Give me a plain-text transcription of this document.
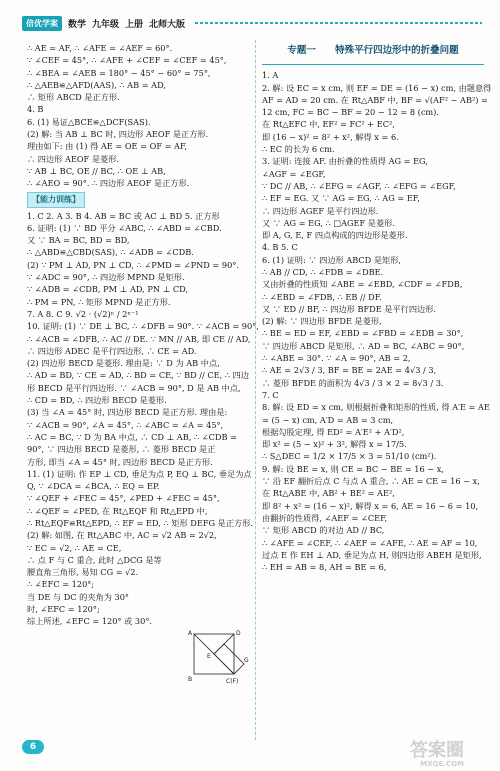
倍优学案	数学 九年级 上册 北师大版
∴ AE = AF, ∴ ∠AFE = ∠AEF = 60°.
∵ ∠CEF = 45°, ∴ ∠AFE + ∠CEF = ∠CEF = 45°,
∴ ∠BEA = ∠AEB = 180° − 45° − 60° = 75°,
∴ △AEB≌△AFD(AAS), ∴ AB = AD,
∴ 矩形 ABCD 是正方形.
4. B
6. (1) 易证△BCE≌△DCF(SAS).
(2) 解: 当 AB ⊥ BC 时, 四边形 AEOF 是正方形.
理由如下: 由 (1) 得 AE = OE = OF = AF,
∴ 四边形 AEOF 是菱形.
∵ AB ⊥ BC, OE // BC, ∴ OE ⊥ AB,
∴ ∠AEO = 90°. ∴ 四边形 AEOF 是正方形.
【能力训练】
1. C 2. A 3. B 4. AB = BC 或 AC ⊥ BD 5. 正方形
6. 证明: (1) ∵ BD 平分 ∠ABC, ∴ ∠ABD = ∠CBD.
又 ∵ BA = BC, BD = BD,
∴ △ABD≌△CBD(SAS), ∴ ∠ADB = ∠CDB.
(2) ∵ PM ⊥ AD, PN ⊥ CD, ∴ ∠PMD = ∠PND = 90°.
∵ ∠ADC = 90°, ∴ 四边形 MPND 是矩形.
∵ ∠ADB = ∠CDB, PM ⊥ AD, PN ⊥ CD,
∴ PM = PN, ∴ 矩形 MPND 是正方形.
7. A 8. C 9. √2 · (√2)ⁿ / 2ⁿ⁻¹
10. 证明: (1) ∵ DE ⊥ BC, ∴ ∠DFB = 90°. ∵ ∠ACB = 90°,
∴ ∠ACB = ∠DFB, ∴ AC // DE. ∵ MN // AB, 即 CE // AD,
∴ 四边形 ADEC 是平行四边形, ∴ CE = AD.
(2) 四边形 BECD 是菱形. 理由是: ∵ D 为 AB 中点,
∴ AD = BD, ∵ CE = AD, ∴ BD = CE, ∵ BD // CE, ∴ 四边
形 BECD 是平行四边形. ∵ ∠ACB = 90°, D 是 AB 中点,
∴ CD = BD, ∴ 四边形 BECD 是菱形.
(3) 当 ∠A = 45° 时, 四边形 BECD 是正方形. 理由是:
∵ ∠ACB = 90°, ∠A = 45°, ∴ ∠ABC = ∠A = 45°,
∴ AC = BC, ∵ D 为 BA 中点, ∴ CD ⊥ AB, ∴ ∠CDB =
90°, ∵ 四边形 BECD 是菱形, ∴ 菱形 BECD 是正
方形, 即当 ∠A = 45° 时, 四边形 BECD 是正方形.
11. (1) 证明: 作 EP ⊥ CD, 垂足为点 P, EQ ⊥ BC, 垂足为点
Q, ∵ ∠DCA = ∠BCA, ∴ EQ = EP.
∵ ∠QEF + ∠FEC = 45°, ∠PED + ∠FEC = 45°,
∴ ∠QEF = ∠PED, 在 Rt△EQF 和 Rt△EPD 中,
∴ Rt△EQF≌Rt△EPD, ∴ EF = ED, ∴ 矩形 DEFG 是正方形.
(2) 解: 如图, 在 Rt△ABC 中, AC = √2 AB = 2√2,
∵ EC = √2, ∴ AE = CE,
∴ 点 F 与 C 重合, 此时 △DCG 是等
腰直角三角形, 易知 CG = √2.
∴ ∠EFC = 120°;
当 DE 与 DC 的夹角为 30°
时, ∠EFC = 120°;
综上所述, ∠EFC = 120° 或 30°.
A	D
E
G
B	C(F)
专题一 特殊平行四边形中的折叠问题
1. A
2. 解: 设 EC = x cm, 则 EF = DE = (16 − x) cm, 由题意得
AF = AD = 20 cm. 在 Rt△ABF 中, BF = √(AF² − AB²) =
12 cm, FC = BC − BF = 20 − 12 = 8 (cm).
在 Rt△EFC 中, EF² = FC² + EC²,
即 (16 − x)² = 8² + x², 解得 x = 6.
∴ EC 的长为 6 cm.
3. 证明: 连接 AF. 由折叠的性质得 AG = EG,
∠AGF = ∠EGF,
∵ DC // AB, ∴ ∠EFG = ∠AGF, ∴ ∠EFG = ∠EGF,
∴ EF = EG. 又 ∵ AG = EG, ∴ AG = EF,
∴ 四边形 AGEF 是平行四边形.
又 ∵ AG = EG, ∴ □AGEF 是菱形.
即 A, G, E, F 四点构成的四边形是菱形.
4. B 5. C
6. (1) 证明: ∵ 四边形 ABCD 是矩形,
∴ AB // CD, ∴ ∠FDB = ∠DBE.
又由折叠的性质知 ∠ABE = ∠EBD, ∠CDF = ∠FDB,
∴ ∠EBD = ∠FDB, ∴ EB // DF.
又 ∵ ED // BF, ∴ 四边形 BFDE 是平行四边形.
(2) 解: ∵ 四边形 BFDE 是菱形,
∴ BE = ED = EF, ∠EBD = ∠FBD = ∠EDB = 30°,
∵ 四边形 ABCD 是矩形, ∴ AD = BC, ∠ABC = 90°,
∴ ∠ABE = 30°. ∵ ∠A = 90°, AB = 2,
∴ AE = 2√3 / 3, BF = BE = 2AE = 4√3 / 3,
∴ 菱形 BFDE 的面积为 4√3 / 3 × 2 = 8√3 / 3.
7. C
8. 解: 设 ED = x cm, 则根据折叠和矩形的性质, 得 A′E = AE
= (5 − x) cm, A′D = AB = 3 cm,
根据勾股定理, 得 ED² = A′E² + A′D²,
即 x² = (5 − x)² + 3², 解得 x = 17/5.
∴ S△DEC = 1/2 × 17/5 × 3 = 51/10 (cm²).
9. 解: 设 BE = x, 则 CE = BC − BE = 16 − x,
∵ 沿 EF 翻折后点 C 与点 A 重合, ∴ AE = CE = 16 − x,
在 Rt△ABE 中, AB² + BE² = AE²,
即 8² + x² = (16 − x)², 解得 x = 6, AE = 16 − 6 = 10,
由翻折的性质得, ∠AEF = ∠CEF,
∵ 矩形 ABCD 的对边 AD // BC,
∴ ∠AFE = ∠CEF, ∴ ∠AEF = ∠AFE, ∴ AE = AF = 10,
过点 E 作 EH ⊥ AD, 垂足为点 H, 则四边形 ABEH 是矩形,
∴ EH = AB = 8, AH = BE = 6,
6	答案圈
MXQE.COM
